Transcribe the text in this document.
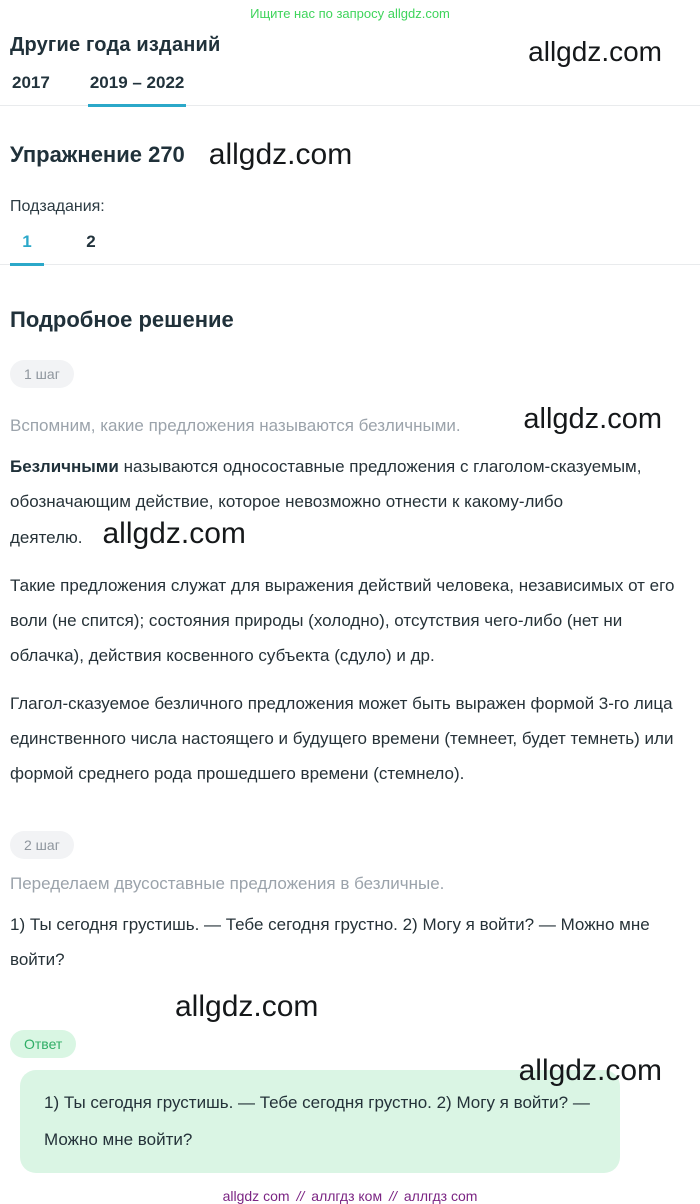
Ищите нас по запросу allgdz.com
Другие года изданий	allgdz.com
2017 2019 – 2022
Упражнение 270 allgdz.com
Подзадания:
1	2
Подробное решение
1 шаг
Вспомним, какие предложения называются безличными. allgdz.com

Безличными называются односоставные предложения с глаголом-сказуемым, обозначающим действие, которое невозможно отнести к какому-либо деятелю. allgdz.com

Такие предложения служат для выражения действий человека, независимых от его воли (не спится); состояния природы (холодно), отсутствия чего-либо (нет ни облачка), действия косвенного субъекта (сдуло) и др.

Глагол-сказуемое безличного предложения может быть выражен формой 3-го лица единственного числа настоящего и будущего времени (темнеет, будет темнеть) или формой среднего рода прошедшего времени (стемнело).

2 шаг
Переделаем двусоставные предложения в безличные.

1) Ты сегодня грустишь. — Тебе сегодня грустно. 2) Могу я войти? — Можно мне войти?

allgdz.com
Ответ
allgdz.com
1) Ты сегодня грустишь. — Тебе сегодня грустно. 2) Могу я войти? — Можно мне войти?
allgdz com // аллгдз ком // аллгдз com
